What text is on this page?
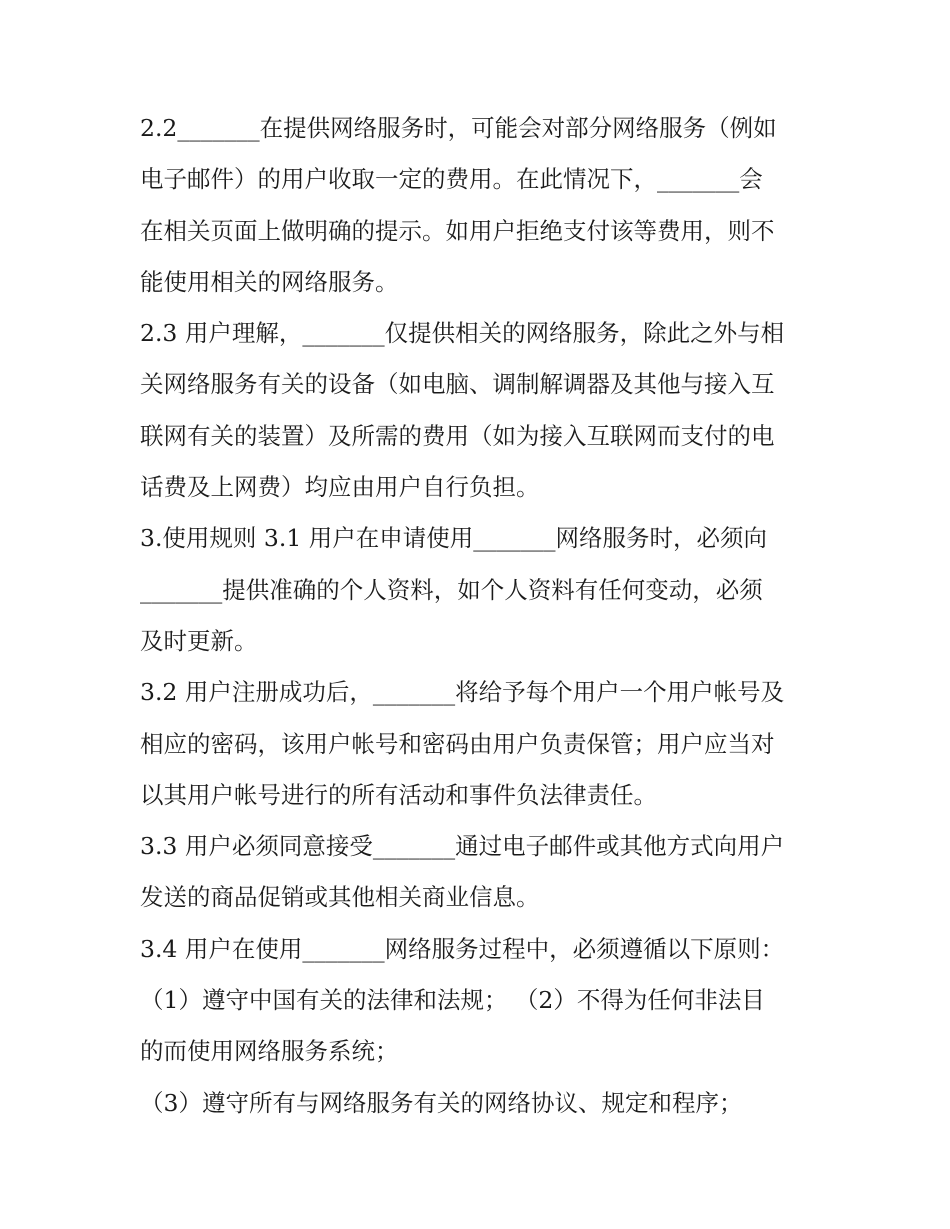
2.2_______在提供网络服务时，可能会对部分网络服务（例如
电子邮件）的用户收取一定的费用。在此情况下，_______会
在相关页面上做明确的提示。如用户拒绝支付该等费用，则不
能使用相关的网络服务。
2.3 用户理解，_______仅提供相关的网络服务，除此之外与相
关网络服务有关的设备（如电脑、调制解调器及其他与接入互
联网有关的装置）及所需的费用（如为接入互联网而支付的电
话费及上网费）均应由用户自行负担。
3.使用规则 3.1 用户在申请使用_______网络服务时，必须向
_______提供准确的个人资料，如个人资料有任何变动，必须
及时更新。
3.2 用户注册成功后，_______将给予每个用户一个用户帐号及
相应的密码，该用户帐号和密码由用户负责保管；用户应当对
以其用户帐号进行的所有活动和事件负法律责任。
3.3 用户必须同意接受_______通过电子邮件或其他方式向用户
发送的商品促销或其他相关商业信息。
3.4 用户在使用_______网络服务过程中，必须遵循以下原则：
（1）遵守中国有关的法律和法规； （2）不得为任何非法目
的而使用网络服务系统；
（3）遵守所有与网络服务有关的网络协议、规定和程序；
